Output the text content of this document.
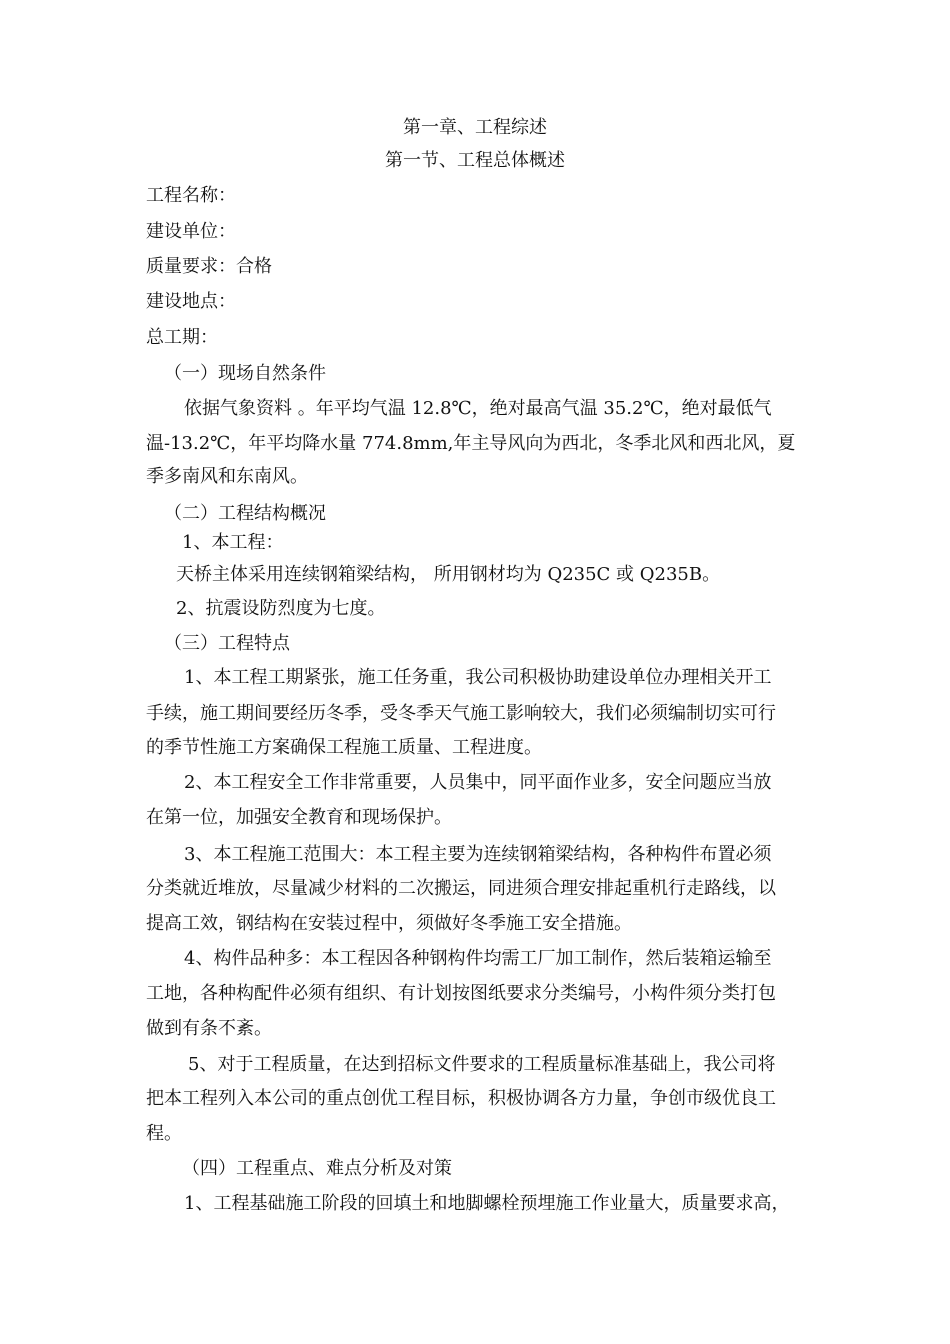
第一章、工程综述

第一节、工程总体概述

工程名称：

建设单位：

质量要求：合格

建设地点：

总工期：

（一）现场自然条件

依据气象资料 。年平均气温 12.8℃，绝对最高气温 35.2℃，绝对最低气

温-13.2℃，年平均降水量 774.8mm,年主导风向为西北，冬季北风和西北风，夏

季多南风和东南风。

（二）工程结构概况

1、本工程：

天桥主体采用连续钢箱梁结构， 所用钢材均为 Q235C 或 Q235B。

2、抗震设防烈度为七度。

（三）工程特点

1、本工程工期紧张，施工任务重，我公司积极协助建设单位办理相关开工

手续，施工期间要经历冬季，受冬季天气施工影响较大，我们必须编制切实可行

的季节性施工方案确保工程施工质量、工程进度。

2、本工程安全工作非常重要，人员集中，同平面作业多，安全问题应当放

在第一位，加强安全教育和现场保护。

3、本工程施工范围大：本工程主要为连续钢箱梁结构，各种构件布置必须

分类就近堆放，尽量减少材料的二次搬运，同进须合理安排起重机行走路线，以

提高工效，钢结构在安装过程中，须做好冬季施工安全措施。

4、构件品种多：本工程因各种钢构件均需工厂加工制作，然后装箱运输至

工地，各种构配件必须有组织、有计划按图纸要求分类编号，小构件须分类打包

做到有条不紊。

5、对于工程质量，在达到招标文件要求的工程质量标准基础上，我公司将

把本工程列入本公司的重点创优工程目标，积极协调各方力量，争创市级优良工

程。

（四）工程重点、难点分析及对策

1、工程基础施工阶段的回填土和地脚螺栓预埋施工作业量大，质量要求高，
